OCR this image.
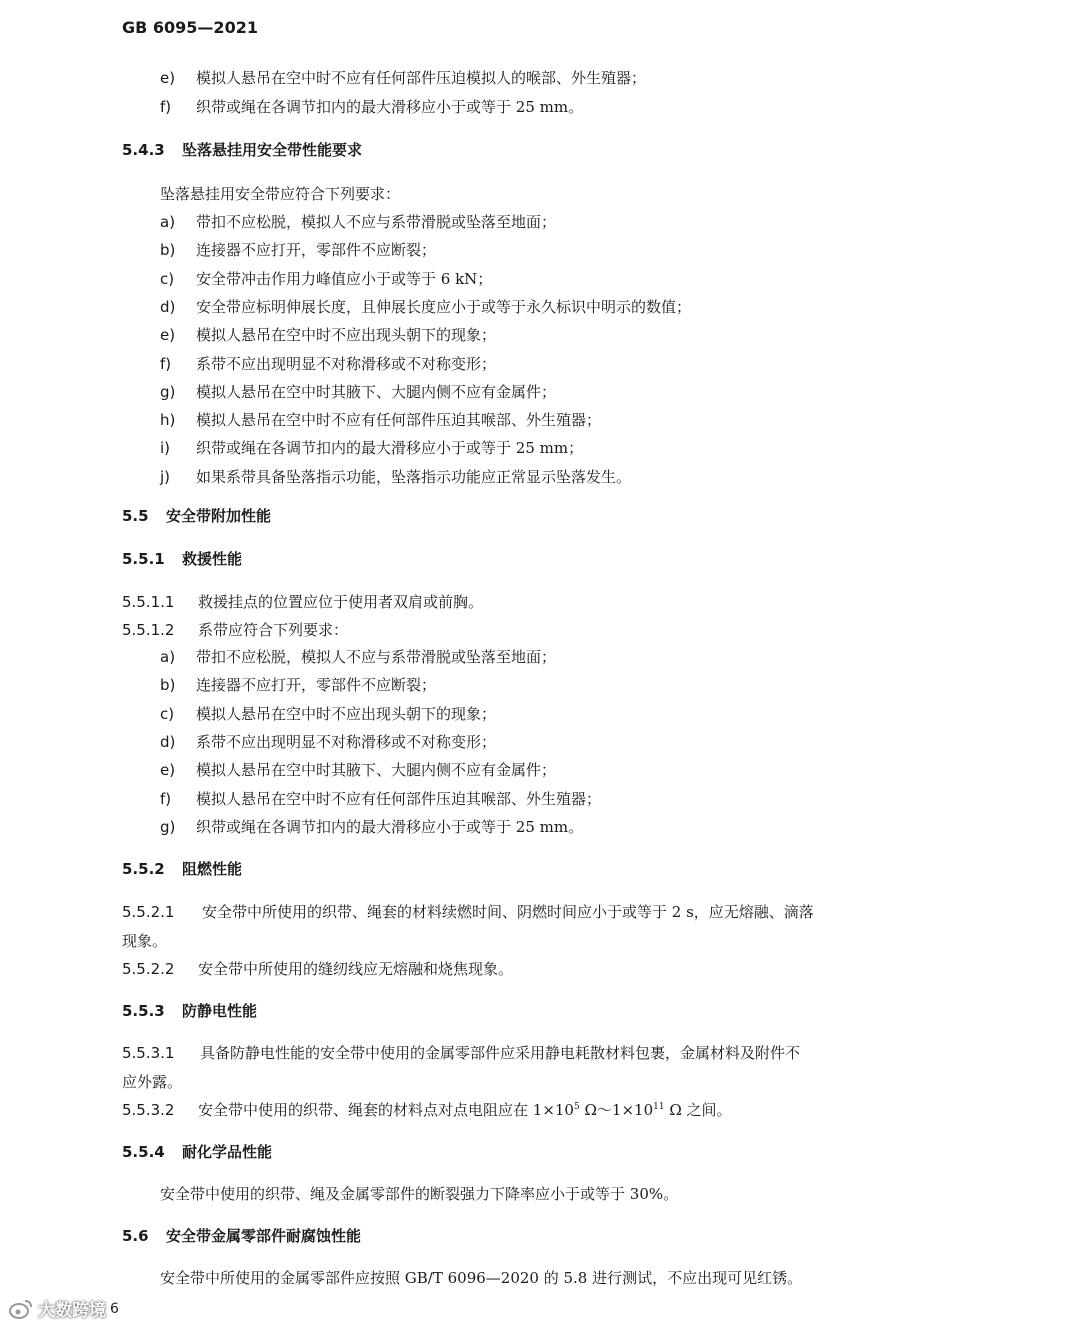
GB 6095—2021
e) 模拟人悬吊在空中时不应有任何部件压迫模拟人的喉部、外生殖器；
f) 织带或绳在各调节扣内的最大滑移应小于或等于 25 mm。
5.4.3 坠落悬挂用安全带性能要求
坠落悬挂用安全带应符合下列要求：
a) 带扣不应松脱，模拟人不应与系带滑脱或坠落至地面；
b) 连接器不应打开，零部件不应断裂；
c) 安全带冲击作用力峰值应小于或等于 6 kN；
d) 安全带应标明伸展长度，且伸展长度应小于或等于永久标识中明示的数值；
e) 模拟人悬吊在空中时不应出现头朝下的现象；
f) 系带不应出现明显不对称滑移或不对称变形；
g) 模拟人悬吊在空中时其腋下、大腿内侧不应有金属件；
h) 模拟人悬吊在空中时不应有任何部件压迫其喉部、外生殖器；
i) 织带或绳在各调节扣内的最大滑移应小于或等于 25 mm；
j) 如果系带具备坠落指示功能，坠落指示功能应正常显示坠落发生。
5.5 安全带附加性能
5.5.1 救援性能
5.5.1.1 救援挂点的位置应位于使用者双肩或前胸。
5.5.1.2 系带应符合下列要求：
a) 带扣不应松脱，模拟人不应与系带滑脱或坠落至地面；
b) 连接器不应打开，零部件不应断裂；
c) 模拟人悬吊在空中时不应出现头朝下的现象；
d) 系带不应出现明显不对称滑移或不对称变形；
e) 模拟人悬吊在空中时其腋下、大腿内侧不应有金属件；
f) 模拟人悬吊在空中时不应有任何部件压迫其喉部、外生殖器；
g) 织带或绳在各调节扣内的最大滑移应小于或等于 25 mm。
5.5.2 阻燃性能
5.5.2.1 安全带中所使用的织带、绳套的材料续燃时间、阴燃时间应小于或等于 2 s，应无熔融、滴落
现象。
5.5.2.2 安全带中所使用的缝纫线应无熔融和烧焦现象。
5.5.3 防静电性能
5.5.3.1 具备防静电性能的安全带中使用的金属零部件应采用静电耗散材料包裹，金属材料及附件不
应外露。
5.5.3.2 安全带中使用的织带、绳套的材料点对点电阻应在 $1\times 10^5$ $\Omega\sim 1\times 10^{11}$ Ω 之间。
5.5.4 耐化学品性能
安全带中使用的织带、绳及金属零部件的断裂强力下降率应小于或等于 30%。
5.6 安全带金属零部件耐腐蚀性能
安全带中所使用的金属零部件应按照 GB/T 6096—2020 的 5.8 进行测试，不应出现可见红锈。
大数跨境 6
